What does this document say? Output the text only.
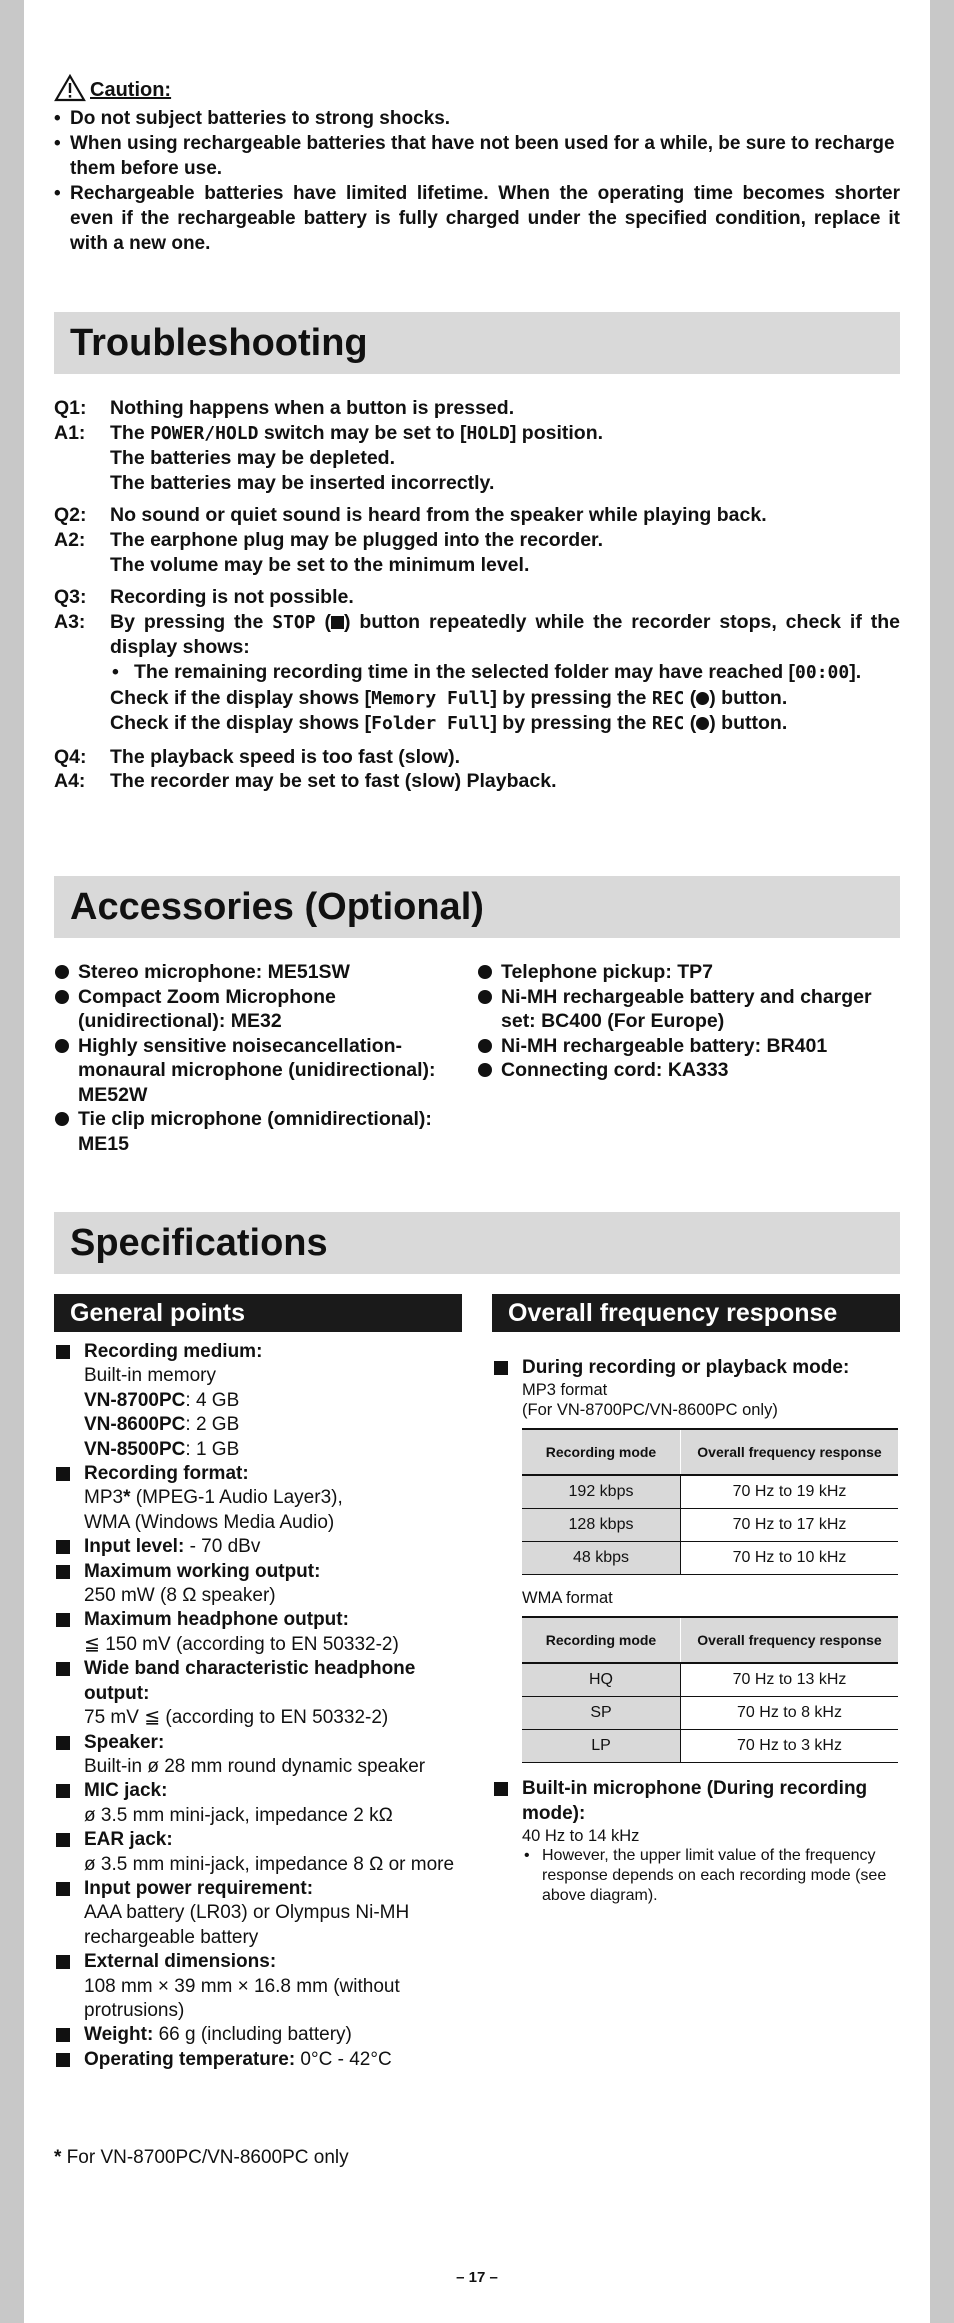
Caution:
• Do not subject batteries to strong shocks.
• When using rechargeable batteries that have not been used for a while, be sure to recharge them before use.
• Rechargeable batteries have limited lifetime. When the operating time becomes shorter even if the rechargeable battery is fully charged under the specified condition, replace it with a new one.
Troubleshooting
Q1:	Nothing happens when a button is pressed.
A1:	The POWER/HOLD switch may be set to [HOLD] position.
The batteries may be depleted.
The batteries may be inserted incorrectly.
Q2:	No sound or quiet sound is heard from the speaker while playing back.
A2:	The earphone plug may be plugged into the recorder.
The volume may be set to the minimum level.
Q3:	Recording is not possible.
A3:	By pressing the STOP ( ) button repeatedly while the recorder stops, check if the display shows:
• The remaining recording time in the selected folder may have reached [00:00].
Check if the display shows [Memory Full] by pressing the REC ( ) button.
Check if the display shows [Folder Full] by pressing the REC ( ) button.
Q4:	The playback speed is too fast (slow).
A4:	The recorder may be set to fast (slow) Playback.
Accessories (Optional)
Stereo microphone: ME51SW
Compact Zoom Microphone (unidirectional): ME32
Highly sensitive noisecancellation-monaural microphone (unidirectional): ME52W
Tie clip microphone (omnidirectional): ME15
Telephone pickup: TP7
Ni-MH rechargeable battery and charger set: BC400 (For Europe)
Ni-MH rechargeable battery: BR401
Connecting cord: KA333
Specifications
General points
Recording medium:
Built-in memory
VN-8700PC: 4 GB
VN-8600PC: 2 GB
VN-8500PC: 1 GB
Recording format:
MP3* (MPEG-1 Audio Layer3),
WMA (Windows Media Audio)
Input level: - 70 dBv
Maximum working output:
250 mW (8 Ω speaker)
Maximum headphone output:
≦ 150 mV (according to EN 50332-2)
Wide band characteristic headphone output:
75 mV ≦ (according to EN 50332-2)
Speaker:
Built-in ø 28 mm round dynamic speaker
MIC jack:
ø 3.5 mm mini-jack, impedance 2 kΩ
EAR jack:
ø 3.5 mm mini-jack, impedance 8 Ω or more
Input power requirement:
AAA battery (LR03) or Olympus Ni-MH rechargeable battery
External dimensions:
108 mm × 39 mm × 16.8 mm (without protrusions)
Weight: 66 g (including battery)
Operating temperature: 0°C - 42°C
Overall frequency response
During recording or playback mode:
MP3 format
(For VN-8700PC/VN-8600PC only)
Recording mode	Overall frequency response
192 kbps	70 Hz to 19 kHz
128 kbps	70 Hz to 17 kHz
48 kbps	70 Hz to 10 kHz
WMA format
Recording mode	Overall frequency response
HQ	70 Hz to 13 kHz
SP	70 Hz to 8 kHz
LP	70 Hz to 3 kHz
Built-in microphone (During recording mode):
40 Hz to 14 kHz
• However, the upper limit value of the frequency response depends on each recording mode (see above diagram).
* For VN-8700PC/VN-8600PC only
– 17 –
